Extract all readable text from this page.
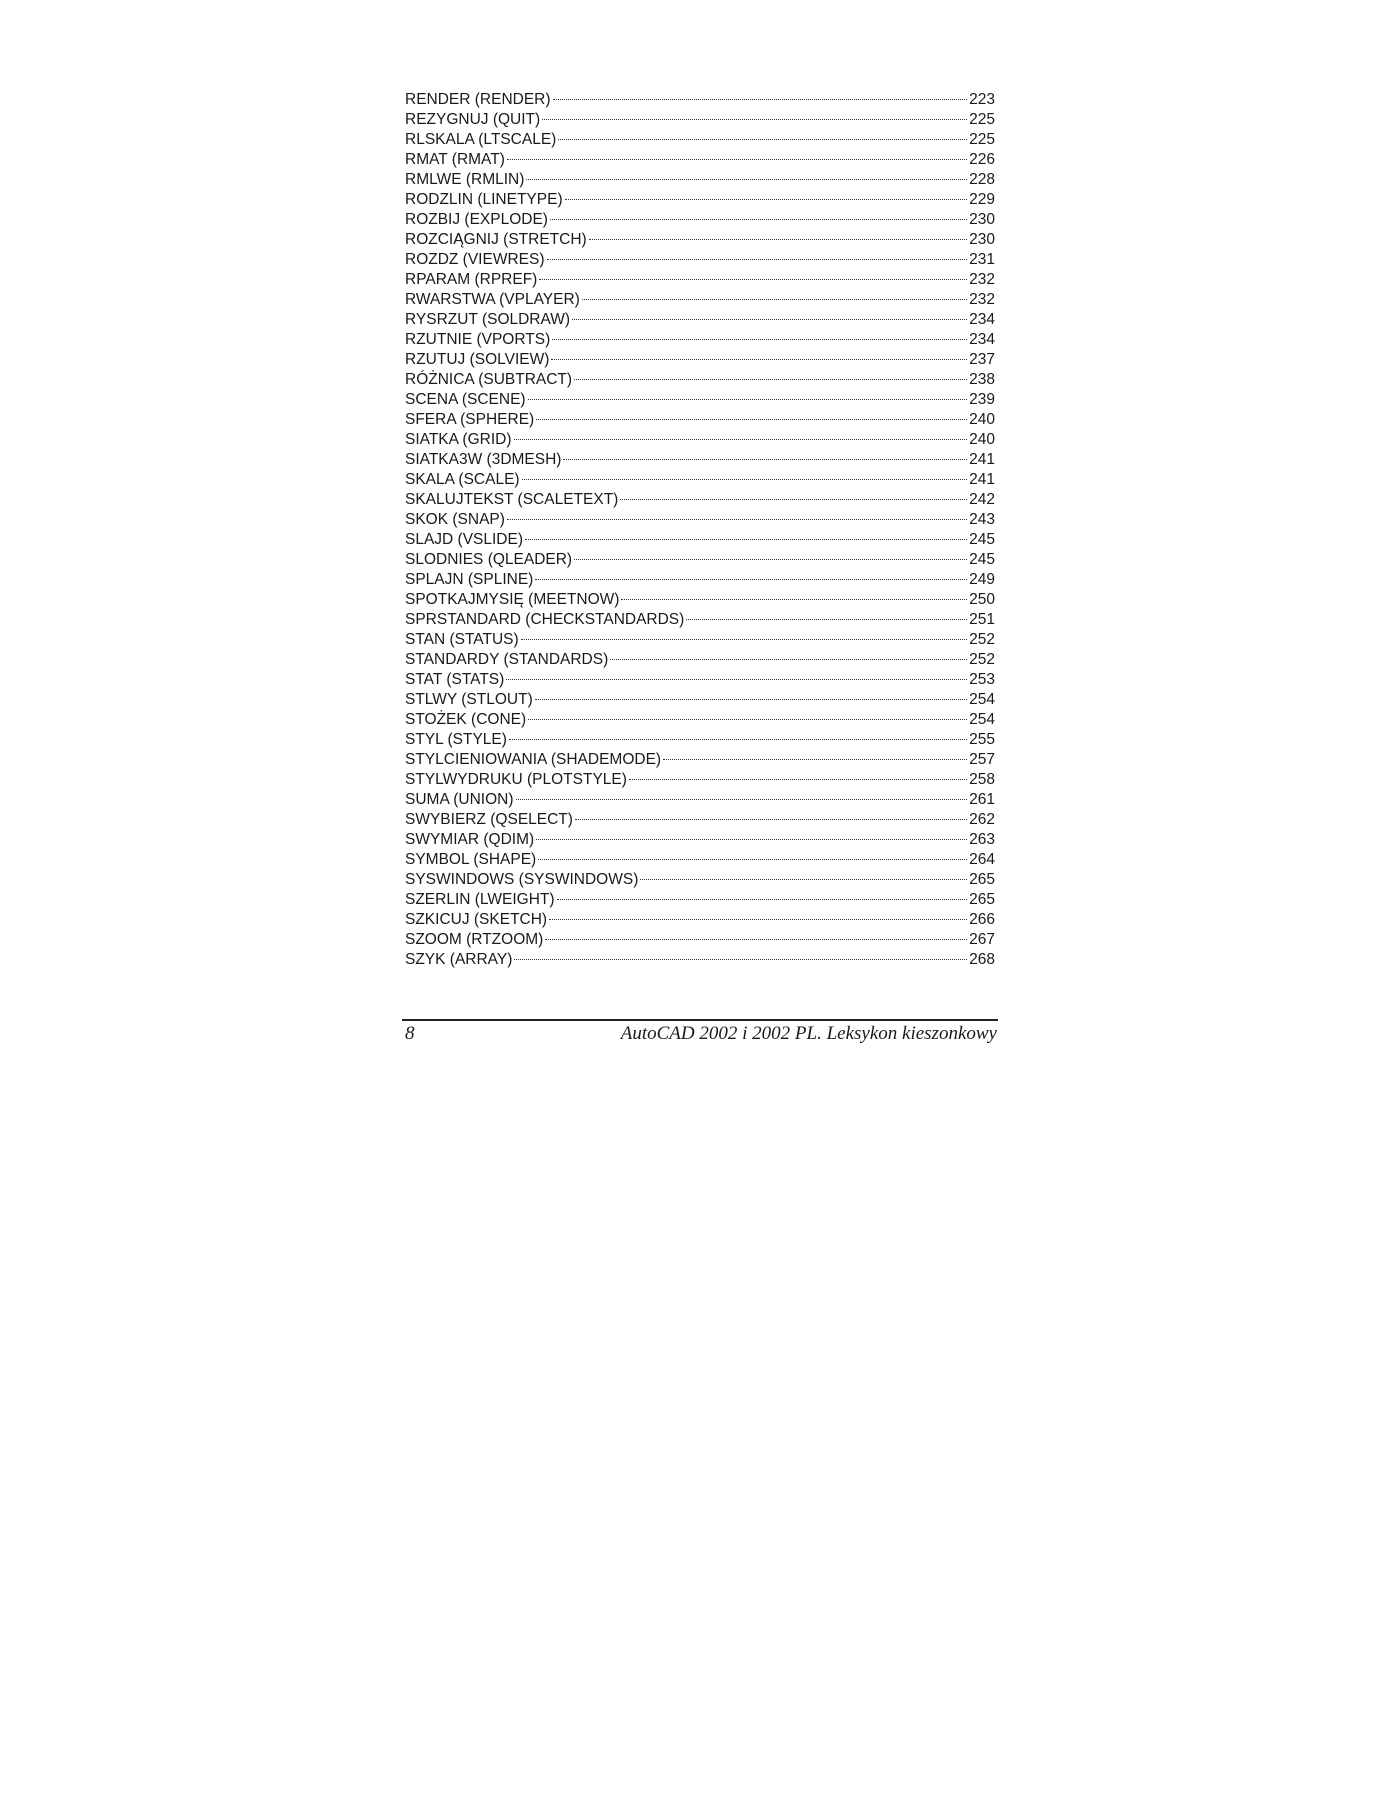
RENDER (RENDER)	223
REZYGNUJ (QUIT)	225
RLSKALA (LTSCALE)	225
RMAT (RMAT)	226
RMLWE (RMLIN)	228
RODZLIN (LINETYPE)	229
ROZBIJ (EXPLODE)	230
ROZCIĄGNIJ (STRETCH)	230
ROZDZ (VIEWRES)	231
RPARAM (RPREF)	232
RWARSTWA (VPLAYER)	232
RYSRZUT (SOLDRAW)	234
RZUTNIE (VPORTS)	234
RZUTUJ (SOLVIEW)	237
RÓŻNICA (SUBTRACT)	238
SCENA (SCENE)	239
SFERA (SPHERE)	240
SIATKA (GRID)	240
SIATKA3W (3DMESH)	241
SKALA (SCALE)	241
SKALUJTEKST (SCALETEXT)	242
SKOK (SNAP)	243
SLAJD (VSLIDE)	245
SLODNIES (QLEADER)	245
SPLAJN (SPLINE)	249
SPOTKAJMYSIĘ (MEETNOW)	250
SPRSTANDARD (CHECKSTANDARDS)	251
STAN (STATUS)	252
STANDARDY (STANDARDS)	252
STAT (STATS)	253
STLWY (STLOUT)	254
STOŻEK (CONE)	254
STYL (STYLE)	255
STYLCIENIOWANIA (SHADEMODE)	257
STYLWYDRUKU (PLOTSTYLE)	258
SUMA (UNION)	261
SWYBIERZ (QSELECT)	262
SWYMIAR (QDIM)	263
SYMBOL (SHAPE)	264
SYSWINDOWS (SYSWINDOWS)	265
SZERLIN (LWEIGHT)	265
SZKICUJ (SKETCH)	266
SZOOM (RTZOOM)	267
SZYK (ARRAY)	268
8	AutoCAD 2002 i 2002 PL. Leksykon kieszonkowy
